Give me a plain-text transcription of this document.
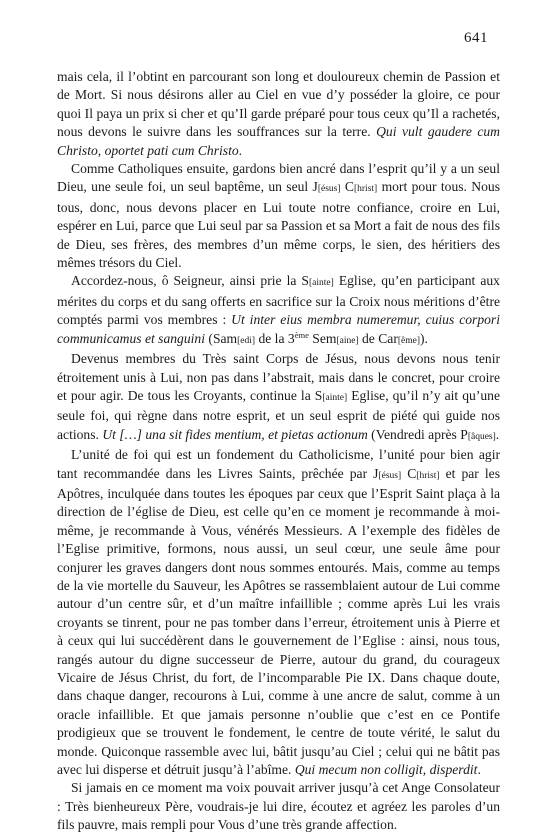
641

mais cela, il l’obtint en parcourant son long et douloureux chemin de Passion et de Mort. Si nous désirons aller au Ciel en vue d’y posséder la gloire, ce pour quoi Il paya un prix si cher et qu’Il garde préparé pour tous ceux qu’Il a rachetés, nous devons le suivre dans les souffrances sur la terre. Qui vult gaudere cum Christo, oportet pati cum Christo.

Comme Catholiques ensuite, gardons bien ancré dans l’esprit qu’il y a un seul Dieu, une seule foi, un seul baptême, un seul J[ésus] C[hrist] mort pour tous. Nous tous, donc, nous devons placer en Lui toute notre confiance, croire en Lui, espérer en Lui, parce que Lui seul par sa Passion et sa Mort a fait de nous des fils de Dieu, ses frères, des membres d’un même corps, le sien, des héritiers des mêmes trésors du Ciel.

Accordez-nous, ô Seigneur, ainsi prie la S[ainte] Eglise, qu’en participant aux mérites du corps et du sang offerts en sacrifice sur la Croix nous méritions d’être comptés parmi vos membres : Ut inter eius membra numeremur, cuius corpori communicamus et sanguini (Sam[edi] de la 3ème Sem[aine] de Car[ême]).

Devenus membres du Très saint Corps de Jésus, nous devons nous tenir étroitement unis à Lui, non pas dans l’abstrait, mais dans le concret, pour croire et pour agir. De tous les Croyants, continue la S[ainte] Eglise, qu’il n’y ait qu’une seule foi, qui règne dans notre esprit, et un seul esprit de piété qui guide nos actions. Ut […] una sit fides mentium, et pietas actionum (Vendredi après P[âques].

L’unité de foi qui est un fondement du Catholicisme, l’unité pour bien agir tant recommandée dans les Livres Saints, prêchée par J[ésus] C[hrist] et par les Apôtres, inculquée dans toutes les époques par ceux que l’Esprit Saint plaça à la direction de l’église de Dieu, est celle qu’en ce moment je recommande à moi-même, je recommande à Vous, vénérés Messieurs. A l’exemple des fidèles de l’Eglise primitive, formons, nous aussi, un seul cœur, une seule âme pour conjurer les graves dangers dont nous sommes entourés. Mais, comme au temps de la vie mortelle du Sauveur, les Apôtres se rassemblaient autour de Lui comme autour d’un centre sûr, et d’un maître infaillible ; comme après Lui les vrais croyants se tinrent, pour ne pas tomber dans l’erreur, étroitement unis à Pierre et à ceux qui lui succédèrent dans le gouvernement de l’Eglise : ainsi, nous tous, rangés autour du digne successeur de Pierre, autour du grand, du courageux Vicaire de Jésus Christ, du fort, de l’incomparable Pie IX. Dans chaque doute, dans chaque danger, recourons à Lui, comme à une ancre de salut, comme à un oracle infaillible. Et que jamais personne n’oublie que c’est en ce Pontife prodigieux que se trouvent le fondement, le centre de toute vérité, le salut du monde. Quiconque rassemble avec lui, bâtit jusqu’au Ciel ; celui qui ne bâtit pas avec lui disperse et détruit jusqu’à l’abîme. Qui mecum non colligit, disperdit.

Si jamais en ce moment ma voix pouvait arriver jusqu’à cet Ange Consolateur : Très bienheureux Père, voudrais-je lui dire, écoutez et agréez les paroles d’un fils pauvre, mais rempli pour Vous d’une très grande affection.
